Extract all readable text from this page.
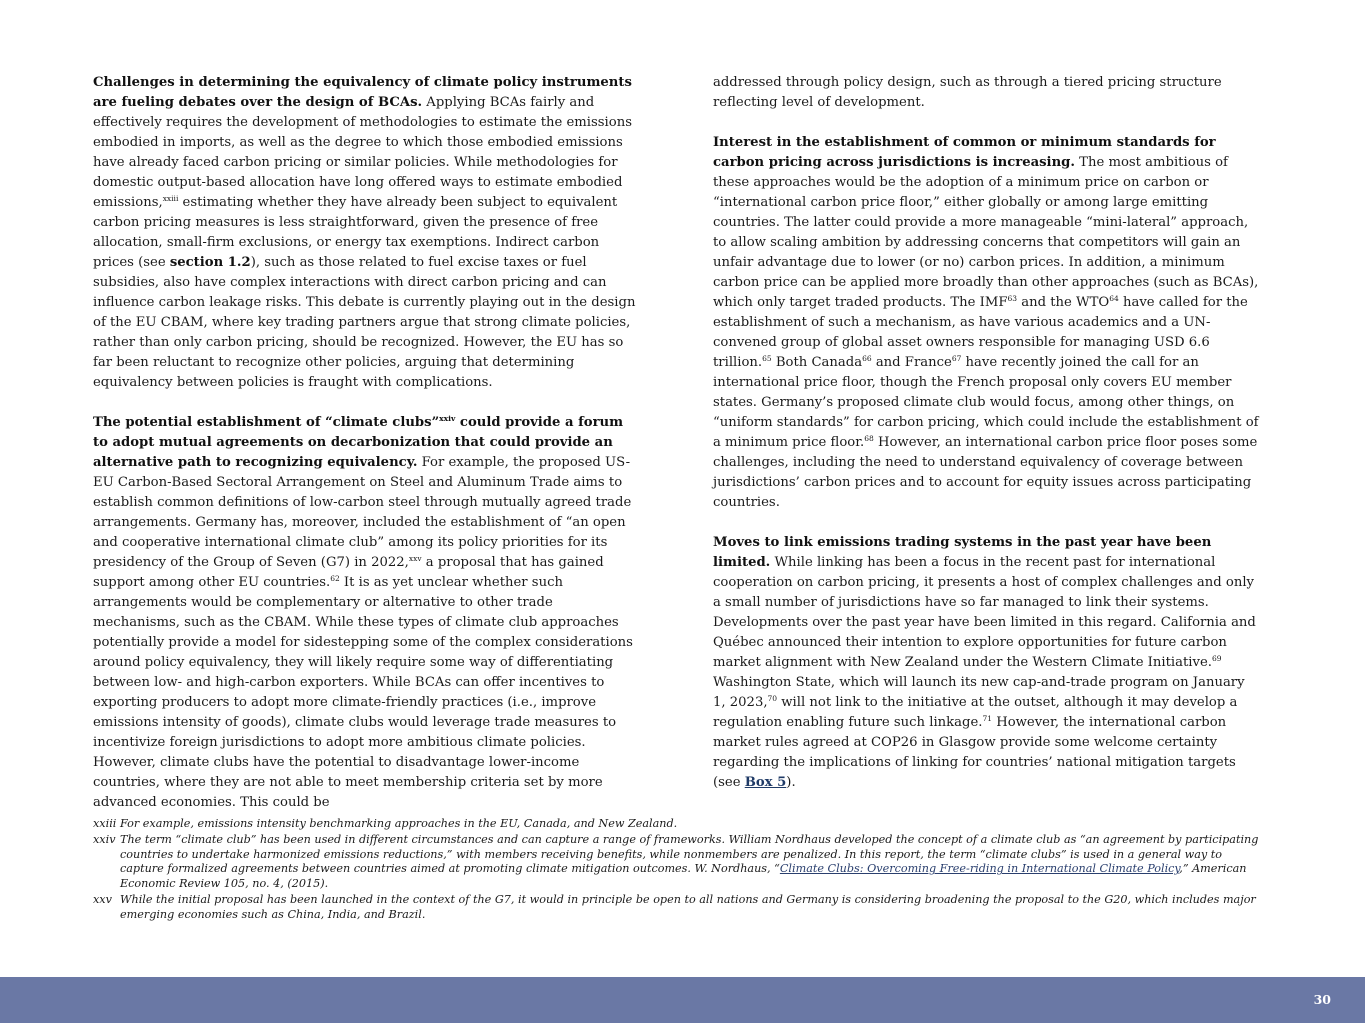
Challenges in determining the equivalency of climate policy instruments are fueling debates over the design of BCAs. Applying BCAs fairly and effectively requires the development of methodologies to estimate the emissions embodied in imports, as well as the degree to which those embodied emissions have already faced carbon pricing or similar policies. While methodologies for domestic output-based allocation have long offered ways to estimate embodied emissions,$^{xxiii}$ estimating whether they have already been subject to equivalent carbon pricing measures is less straightforward, given the presence of free allocation, small-firm exclusions, or energy tax exemptions. Indirect carbon prices (see section 1.2), such as those related to fuel excise taxes or fuel subsidies, also have complex interactions with direct carbon pricing and can influence carbon leakage risks. This debate is currently playing out in the design of the EU CBAM, where key trading partners argue that strong climate policies, rather than only carbon pricing, should be recognized. However, the EU has so far been reluctant to recognize other policies, arguing that determining equivalency between policies is fraught with complications.

The potential establishment of “climate clubs”$^{xxiv}$ could provide a forum to adopt mutual agreements on decarbonization that could provide an alternative path to recognizing equivalency. For example, the proposed US-EU Carbon-Based Sectoral Arrangement on Steel and Aluminum Trade aims to establish common definitions of low-carbon steel through mutually agreed trade arrangements. Germany has, moreover, included the establishment of “an open and cooperative international climate club” among its policy priorities for its presidency of the Group of Seven (G7) in 2022,$^{xxv}$ a proposal that has gained support among other EU countries.$^{62}$ It is as yet unclear whether such arrangements would be complementary or alternative to other trade mechanisms, such as the CBAM. While these types of climate club approaches potentially provide a model for sidestepping some of the complex considerations around policy equivalency, they will likely require some way of differentiating between low- and high-carbon exporters. While BCAs can offer incentives to exporting producers to adopt more climate-friendly practices (i.e., improve emissions intensity of goods), climate clubs would leverage trade measures to incentivize foreign jurisdictions to adopt more ambitious climate policies. However, climate clubs have the potential to disadvantage lower-income countries, where they are not able to meet membership criteria set by more advanced economies. This could be

addressed through policy design, such as through a tiered pricing structure reflecting level of development.

Interest in the establishment of common or minimum standards for carbon pricing across jurisdictions is increasing. The most ambitious of these approaches would be the adoption of a minimum price on carbon or “international carbon price floor,” either globally or among large emitting countries. The latter could provide a more manageable “mini-lateral” approach, to allow scaling ambition by addressing concerns that competitors will gain an unfair advantage due to lower (or no) carbon prices. In addition, a minimum carbon price can be applied more broadly than other approaches (such as BCAs), which only target traded products. The IMF$^{63}$ and the WTO$^{64}$ have called for the establishment of such a mechanism, as have various academics and a UN-convened group of global asset owners responsible for managing USD 6.6 trillion.$^{65}$ Both Canada$^{66}$ and France$^{67}$ have recently joined the call for an international price floor, though the French proposal only covers EU member states. Germany’s proposed climate club would focus, among other things, on “uniform standards” for carbon pricing, which could include the establishment of a minimum price floor.$^{68}$ However, an international carbon price floor poses some challenges, including the need to understand equivalency of coverage between jurisdictions’ carbon prices and to account for equity issues across participating countries.

Moves to link emissions trading systems in the past year have been limited. While linking has been a focus in the recent past for international cooperation on carbon pricing, it presents a host of complex challenges and only a small number of jurisdictions have so far managed to link their systems. Developments over the past year have been limited in this regard. California and Québec announced their intention to explore opportunities for future carbon market alignment with New Zealand under the Western Climate Initiative.$^{69}$ Washington State, which will launch its new cap-and-trade program on January 1, 2023,70 will not link to the initiative at the outset, although it may develop a regulation enabling future such linkage.$^{71}$ However, the international carbon market rules agreed at COP26 in Glasgow provide some welcome certainty regarding the implications of linking for countries’ national mitigation targets (see Box 5).

xxiii For example, emissions intensity benchmarking approaches in the EU, Canada, and New Zealand.
xxiv The term “climate club” has been used in different circumstances and can capture a range of frameworks. William Nordhaus developed the concept of a climate club as “an agreement by participating countries to undertake harmonized emissions reductions,” with members receiving benefits, while nonmembers are penalized. In this report, the term “climate clubs” is used in a general way to capture formalized agreements between countries aimed at promoting climate mitigation outcomes. W. Nordhaus, “Climate Clubs: Overcoming Free-riding in International Climate Policy,” American Economic Review 105, no. 4, (2015).
xxv While the initial proposal has been launched in the context of the G7, it would in principle be open to all nations and Germany is considering broadening the proposal to the G20, which includes major emerging economies such as China, India, and Brazil.
30
